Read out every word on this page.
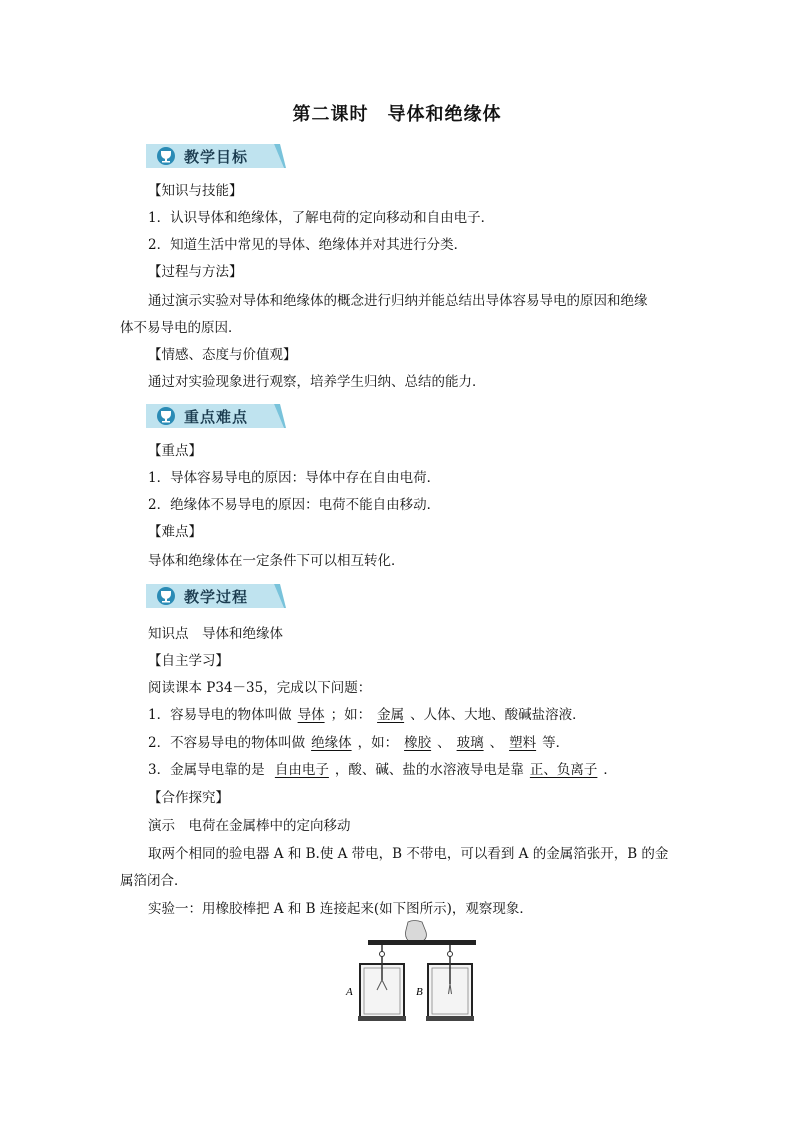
第二课时　导体和绝缘体
教学目标
【知识与技能】
1．认识导体和绝缘体，了解电荷的定向移动和自由电子．
2．知道生活中常见的导体、绝缘体并对其进行分类．
【过程与方法】
通过演示实验对导体和绝缘体的概念进行归纳并能总结出导体容易导电的原因和绝缘
体不易导电的原因．
【情感、态度与价值观】
通过对实验现象进行观察，培养学生归纳、总结的能力．
重点难点
【重点】
1．导体容易导电的原因：导体中存在自由电荷．
2．绝缘体不易导电的原因：电荷不能自由移动．
【难点】
导体和绝缘体在一定条件下可以相互转化．
教学过程
知识点　导体和绝缘体
【自主学习】
阅读课本 P34－35，完成以下问题：
1．容易导电的物体叫做 导体 ；如： 金属 、人体、大地、酸碱盐溶液．
2．不容易导电的物体叫做 绝缘体 ，如： 橡胶 、 玻璃 、 塑料 等．
3．金属导电靠的是 自由电子 ，酸、碱、盐的水溶液导电是靠 正、负离子 ．
【合作探究】
演示　电荷在金属棒中的定向移动
取两个相同的验电器 A 和 B.使 A 带电，B 不带电，可以看到 A 的金属箔张开，B 的金
属箔闭合．
实验一：用橡胶棒把 A 和 B 连接起来(如下图所示)，观察现象．
A	B
